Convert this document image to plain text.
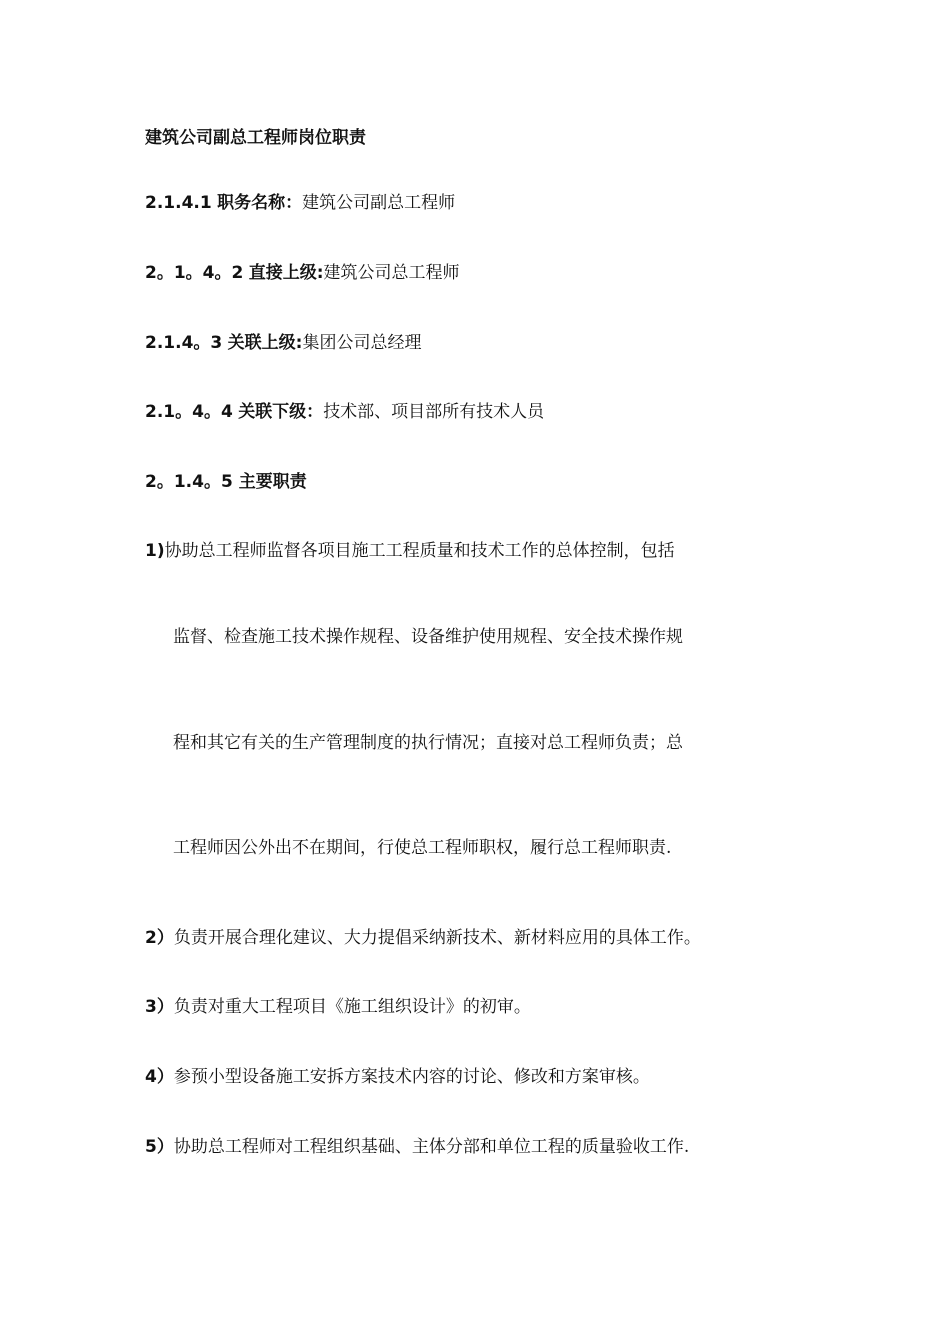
建筑公司副总工程师岗位职责
2.1.4.1 职务名称：建筑公司副总工程师
2。1。4。2 直接上级:建筑公司总工程师
2.1.4。3 关联上级:集团公司总经理
2.1。4。4 关联下级：技术部、项目部所有技术人员
2。1.4。5 主要职责
1)协助总工程师监督各项目施工工程质量和技术工作的总体控制，包括
监督、检查施工技术操作规程、设备维护使用规程、安全技术操作规
程和其它有关的生产管理制度的执行情况；直接对总工程师负责；总
工程师因公外出不在期间，行使总工程师职权，履行总工程师职责.
2）负责开展合理化建议、大力提倡采纳新技术、新材料应用的具体工作。
3）负责对重大工程项目《施工组织设计》的初审。
4）参预小型设备施工安拆方案技术内容的讨论、修改和方案审核。
5）协助总工程师对工程组织基础、主体分部和单位工程的质量验收工作.
